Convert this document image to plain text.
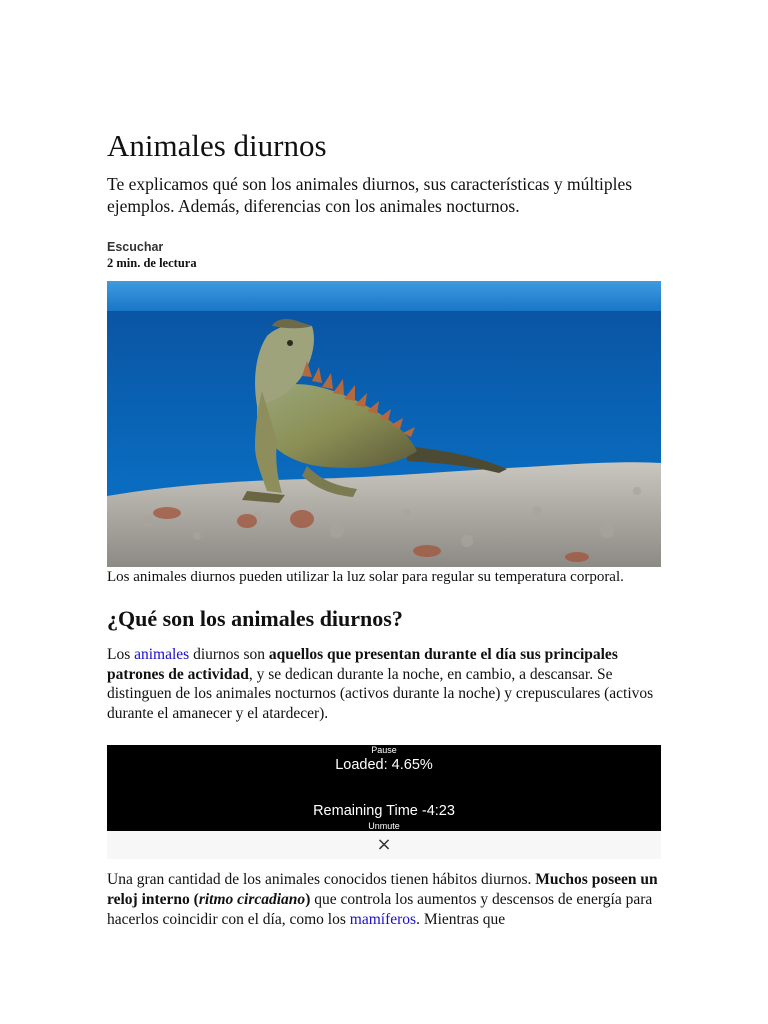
Animales diurnos

Te explicamos qué son los animales diurnos, sus características y múltiples ejemplos. Además, diferencias con los animales nocturnos.

Escuchar
2 min. de lectura
Los animales diurnos pueden utilizar la luz solar para regular su temperatura corporal.
¿Qué son los animales diurnos?

Los animales diurnos son aquellos que presentan durante el día sus principales patrones de actividad, y se dedican durante la noche, en cambio, a descansar. Se distinguen de los animales nocturnos (activos durante la noche) y crepusculares (activos durante el amanecer y el atardecer).

Pause
Loaded: 4.65%
Remaining Time -4:23
Unmute
×

Una gran cantidad de los animales conocidos tienen hábitos diurnos. Muchos poseen un reloj interno (ritmo circadiano) que controla los aumentos y descensos de energía para hacerlos coincidir con el día, como los mamíferos. Mientras que
